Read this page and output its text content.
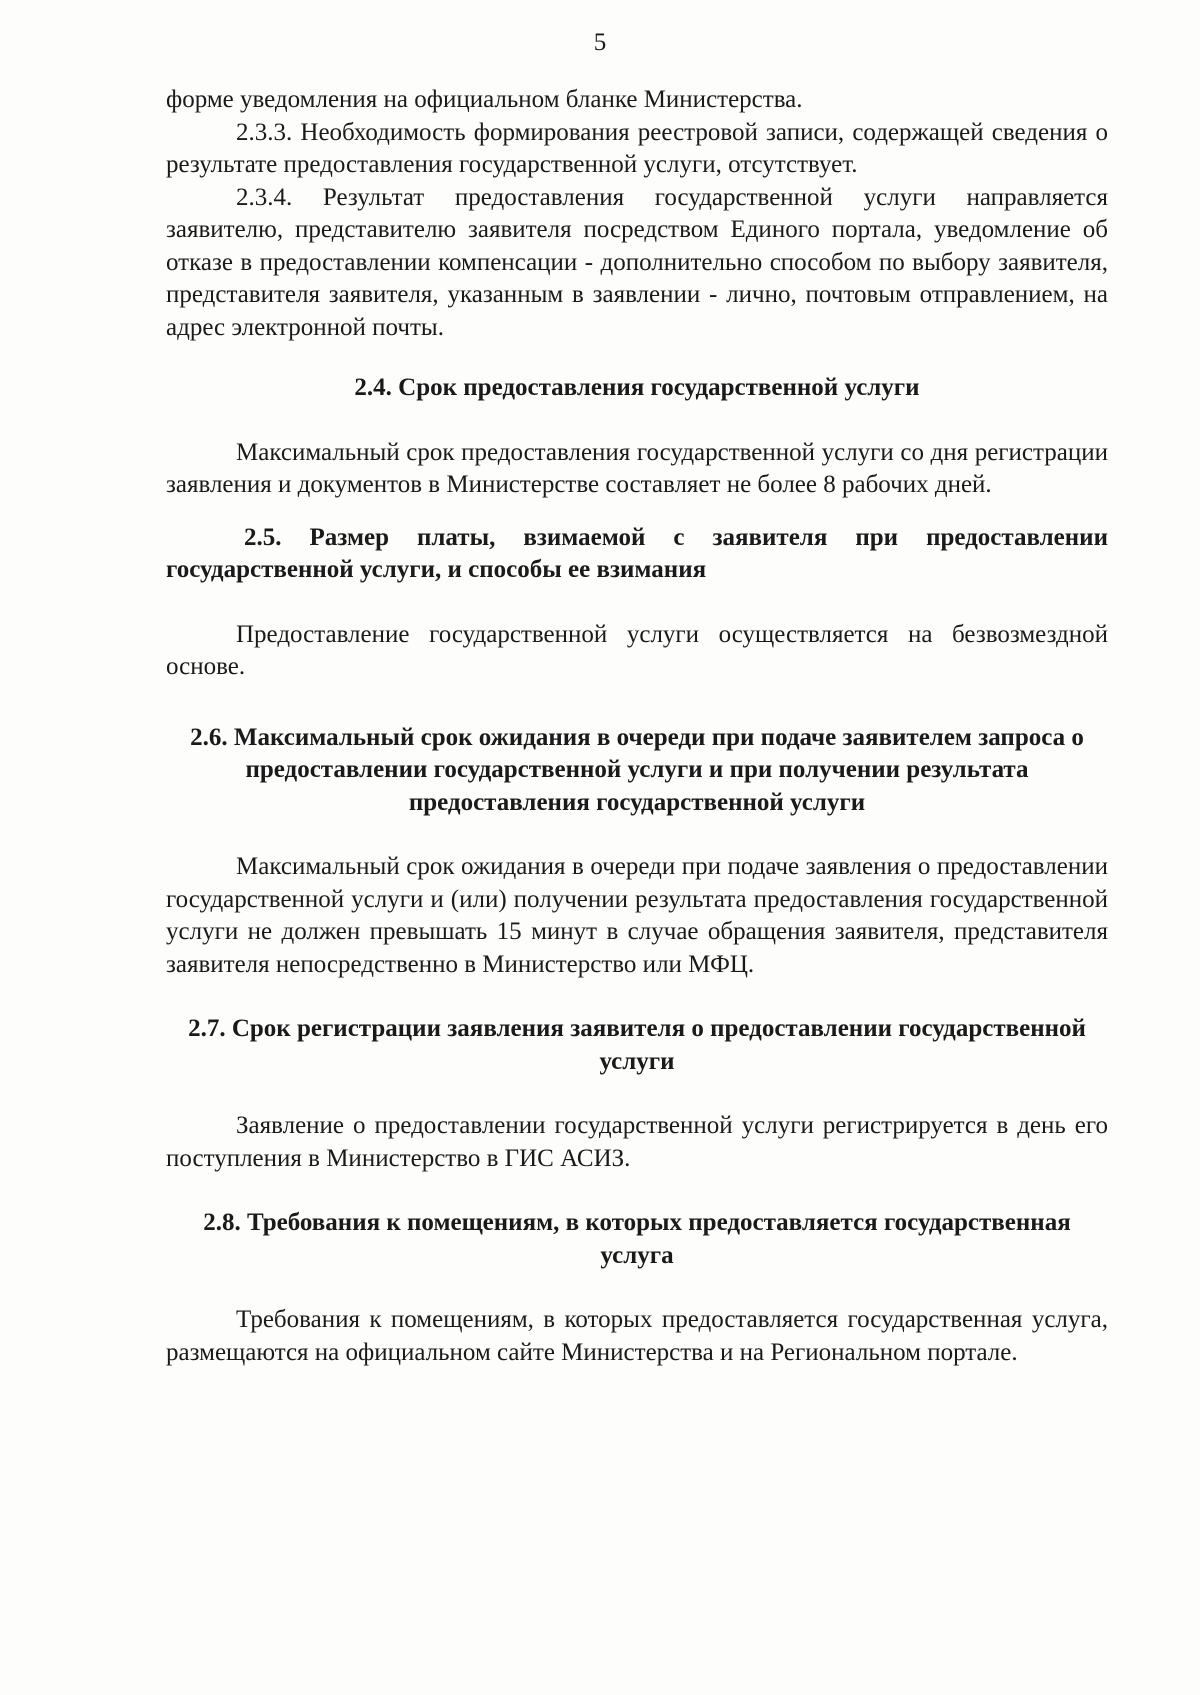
5

форме уведомления на официальном бланке Министерства.

2.3.3. Необходимость формирования реестровой записи, содержащей сведения о результате предоставления государственной услуги, отсутствует.

2.3.4. Результат предоставления государственной услуги направляется заявителю, представителю заявителя посредством Единого портала, уведомление об отказе в предоставлении компенсации - дополнительно способом по выбору заявителя, представителя заявителя, указанным в заявлении - лично, почтовым отправлением, на адрес электронной почты.

2.4. Срок предоставления государственной услуги

Максимальный срок предоставления государственной услуги со дня регистрации заявления и документов в Министерстве составляет не более 8 рабочих дней.

2.5. Размер платы, взимаемой с заявителя при предоставлении государственной услуги, и способы ее взимания

Предоставление государственной услуги осуществляется на безвозмездной основе.

2.6. Максимальный срок ожидания в очереди при подаче заявителем запроса о предоставлении государственной услуги и при получении результата предоставления государственной услуги

Максимальный срок ожидания в очереди при подаче заявления о предоставлении государственной услуги и (или) получении результата предоставления государственной услуги не должен превышать 15 минут в случае обращения заявителя, представителя заявителя непосредственно в Министерство или МФЦ.

2.7. Срок регистрации заявления заявителя о предоставлении государственной услуги

Заявление о предоставлении государственной услуги регистрируется в день его поступления в Министерство в ГИС АСИЗ.

2.8. Требования к помещениям, в которых предоставляется государственная услуга

Требования к помещениям, в которых предоставляется государственная услуга, размещаются на официальном сайте Министерства и на Региональном портале.
